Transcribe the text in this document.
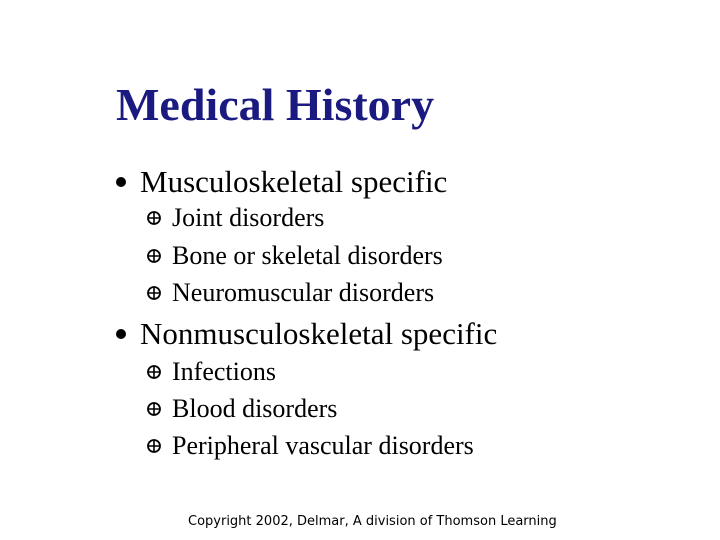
Medical History
Musculoskeletal specific
Joint disorders
Bone or skeletal disorders
Neuromuscular disorders
Nonmusculoskeletal specific
Infections
Blood disorders
Peripheral vascular disorders
Copyright 2002, Delmar, A division of Thomson Learning
